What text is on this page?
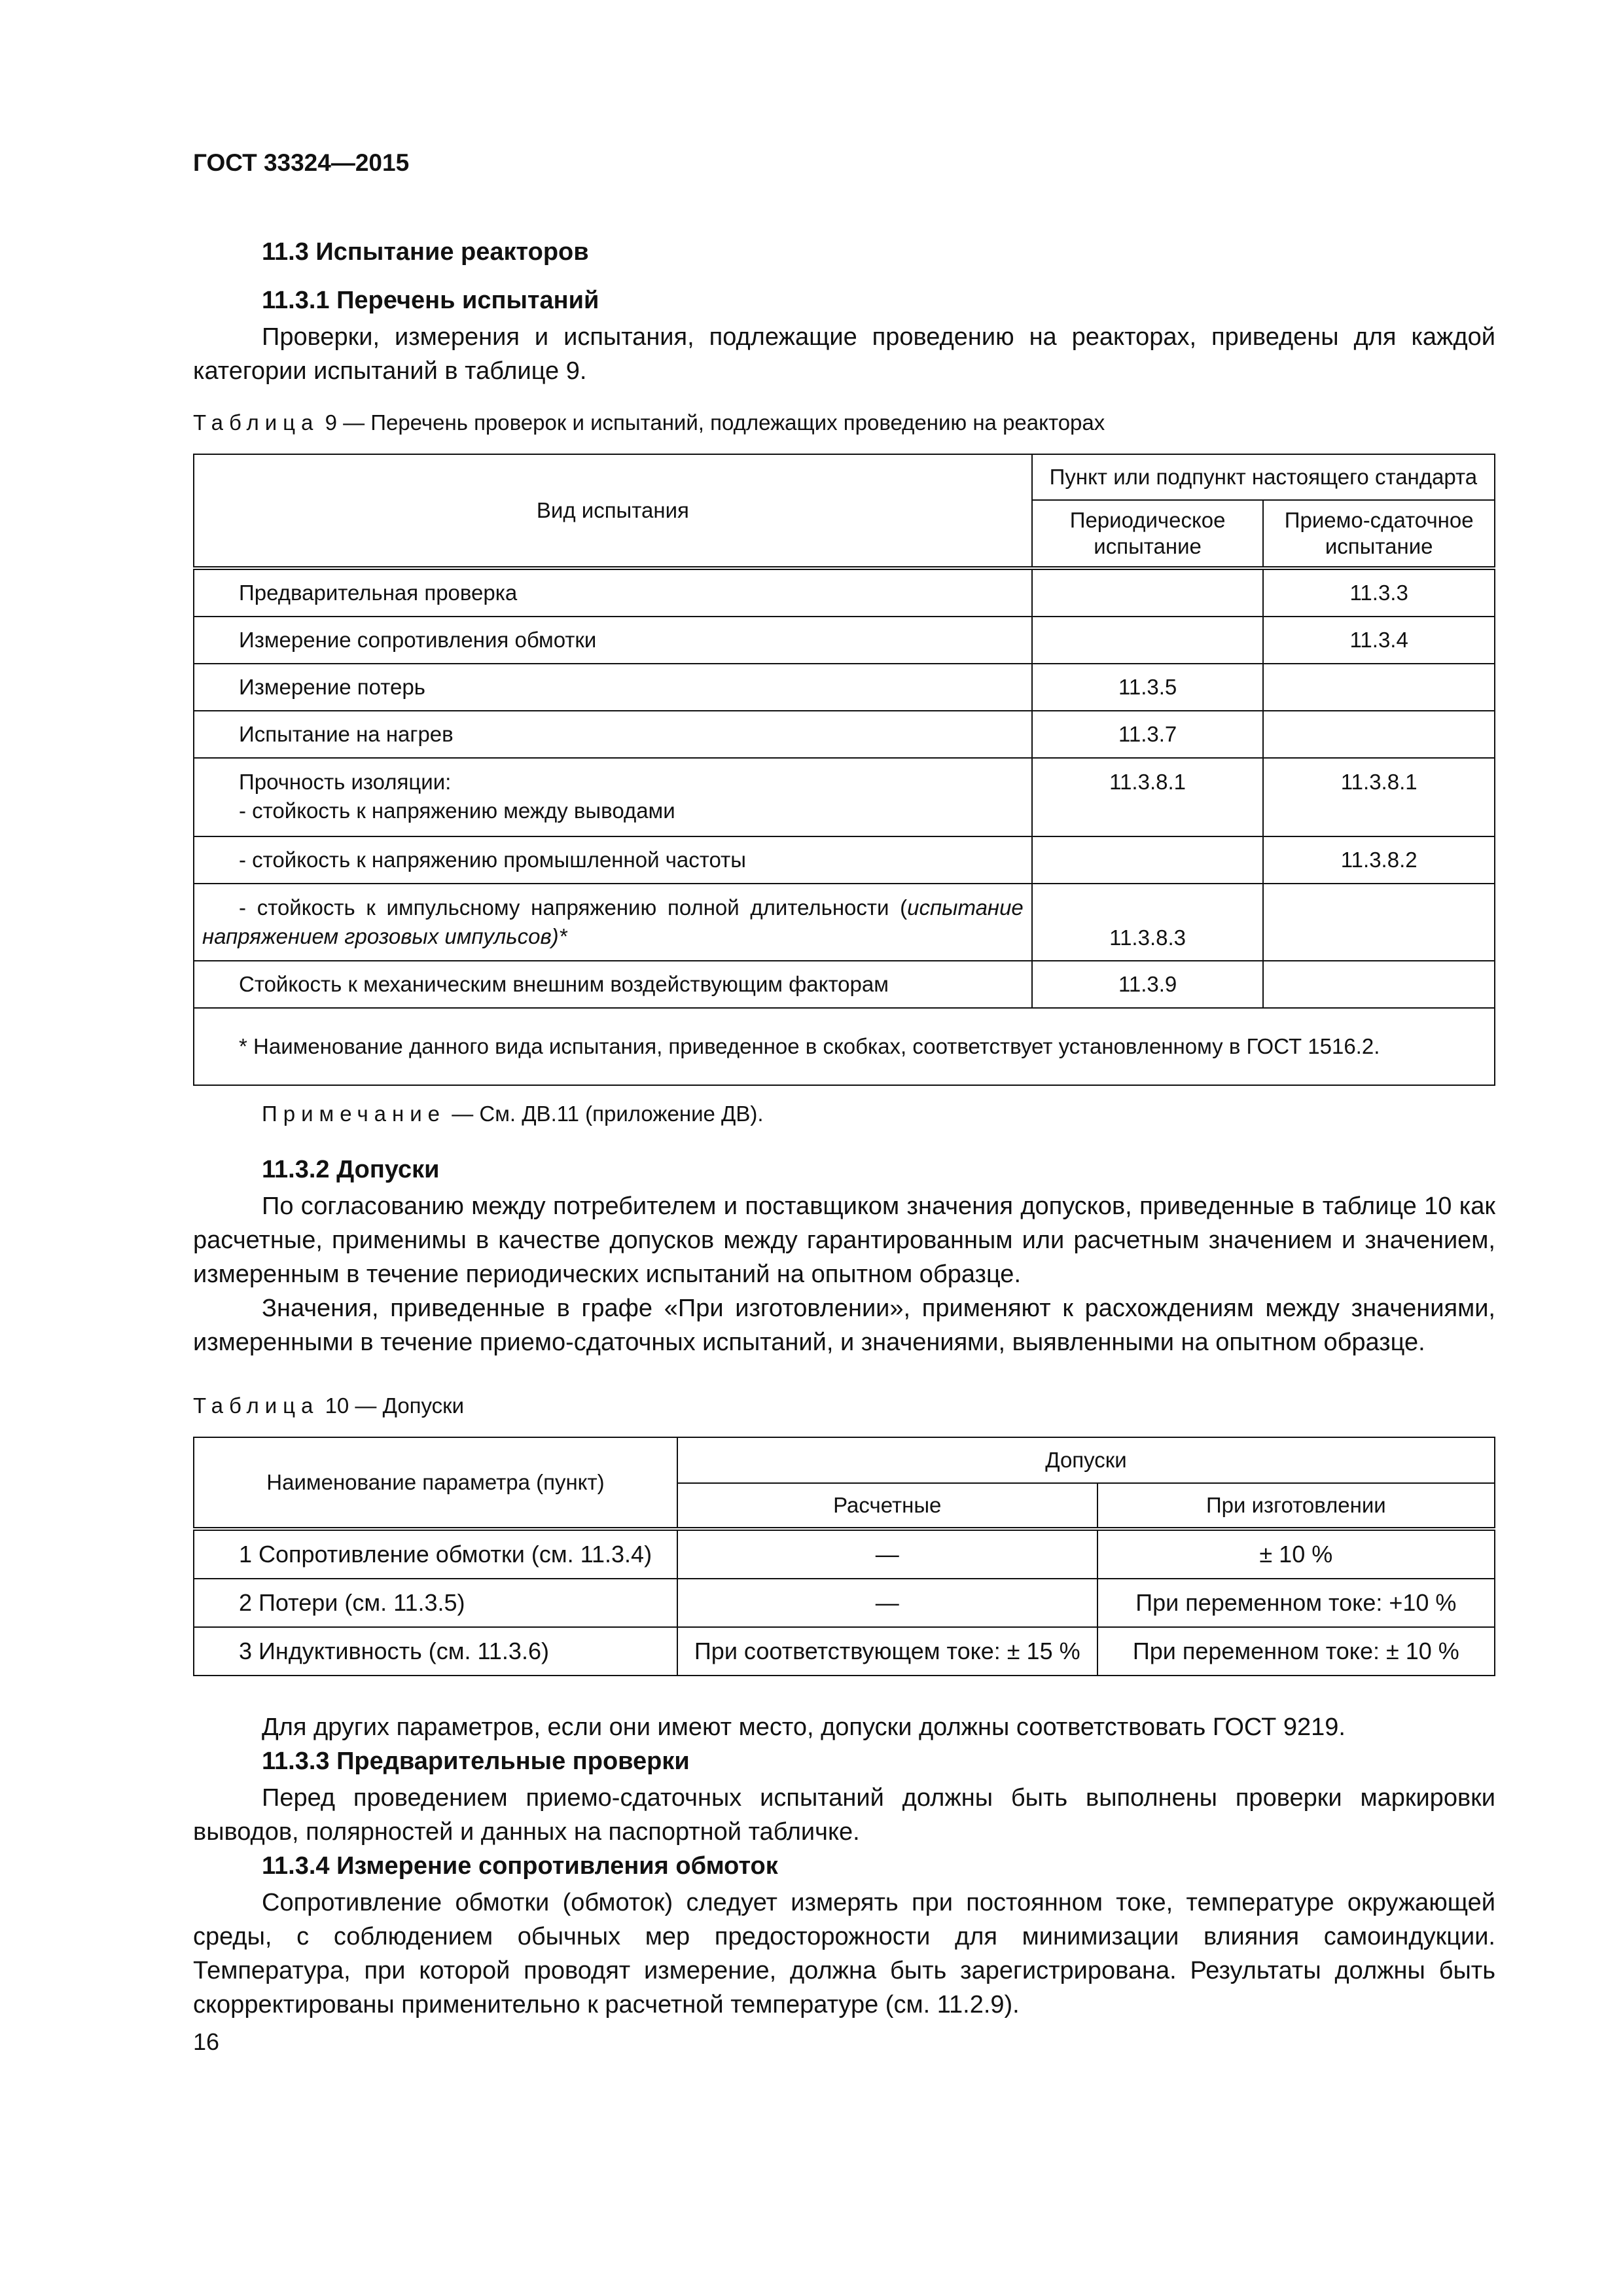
ГОСТ 33324—2015
11.3 Испытание реакторов
11.3.1 Перечень испытаний

Проверки, измерения и испытания, подлежащие проведению на реакторах, приведены для каждой категории испытаний в таблице 9.

Таблица 9 — Перечень проверок и испытаний, подлежащих проведению на реакторах
Вид испытания	Пункт или подпункт настоящего стандарта	
	Периодическое испытание	Приемо-сдаточное испытание
Предварительная проверка		11.3.3
Измерение сопротивления обмотки		11.3.4
Измерение потерь	11.3.5	
Испытание на нагрев	11.3.7	

Прочность изоляции:
- стойкость к напряжению между выводами	11.3.8.1	11.3.8.1
- стойкость к напряжению промышленной частоты		11.3.8.2
- стойкость к импульсному напряжению полной длительности (испытание напряжением грозовых импульсов)*	11.3.8.3	
Стойкость к механическим внешним воздействующим факторам	11.3.9	

* Наименование данного вида испытания, приведенное в скобках, соответствует установленному в ГОСТ 1516.2.		
Примечание — См. ДВ.11 (приложение ДВ).
11.3.2 Допуски

По согласованию между потребителем и поставщиком значения допусков, приведенные в таблице 10 как расчетные, применимы в качестве допусков между гарантированным или расчетным значением и значением, измеренным в течение периодических испытаний на опытном образце.

Значения, приведенные в графе «При изготовлении», применяют к расхождениям между значениями, измеренными в течение приемо-сдаточных испытаний, и значениями, выявленными на опытном образце.

Таблица 10 — Допуски
Наименование параметра (пункт)	Допуски	
	Расчетные	При изготовлении
1 Сопротивление обмотки (см. 11.3.4)	—	± 10 %
2 Потери (см. 11.3.5)	—	При переменном токе: +10 %
3 Индуктивность (см. 11.3.6)	При соответствующем токе: ± 15 %	При переменном токе: ± 10 %

Для других параметров, если они имеют место, допуски должны соответствовать ГОСТ 9219.

11.3.3 Предварительные проверки

Перед проведением приемо-сдаточных испытаний должны быть выполнены проверки маркировки выводов, полярностей и данных на паспортной табличке.

11.3.4 Измерение сопротивления обмоток

Сопротивление обмотки (обмоток) следует измерять при постоянном токе, температуре окружающей среды, с соблюдением обычных мер предосторожности для минимизации влияния самоиндукции. Температура, при которой проводят измерение, должна быть зарегистрирована. Результаты должны быть скорректированы применительно к расчетной температуре (см. 11.2.9).

16
